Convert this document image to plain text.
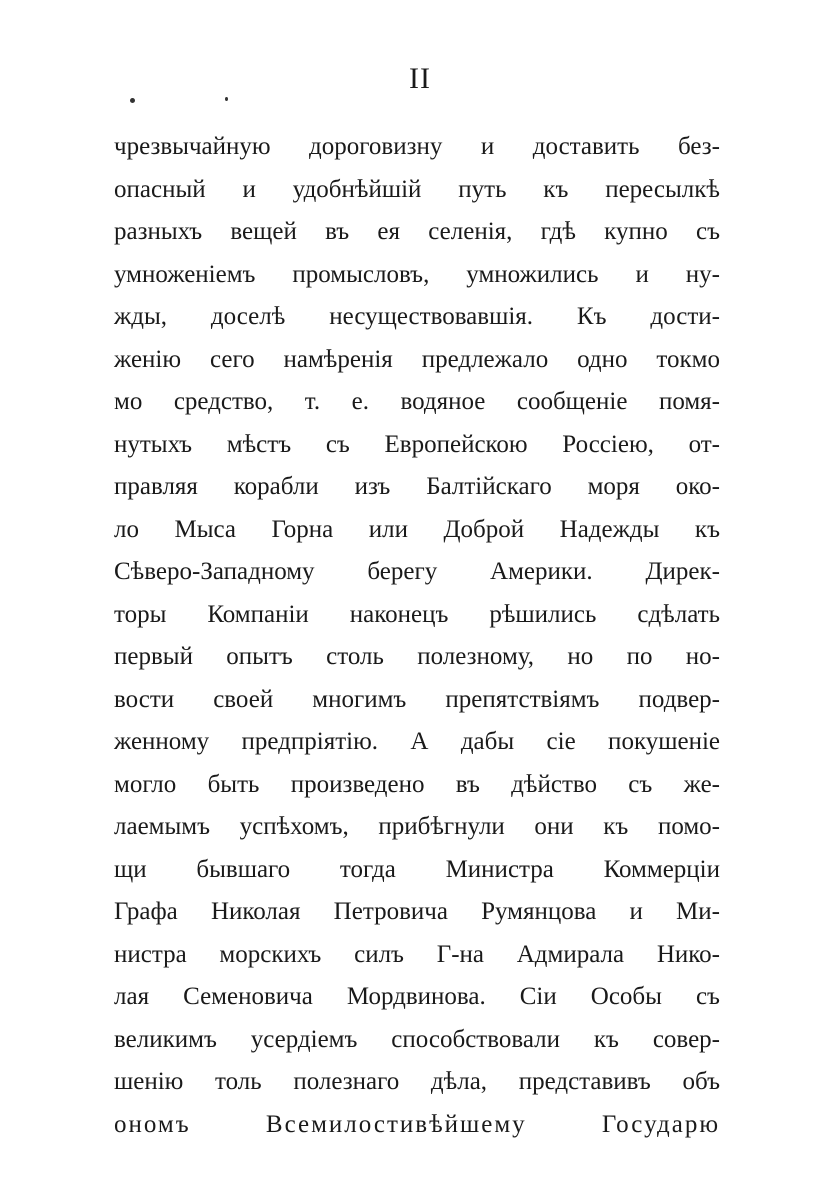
II
чрезвычайную дороговизну и доставить без-
опасный и удобнѣйшій путь къ пересылкѣ
разныхъ вещей въ ея селенія, гдѣ купно съ
умноженіемъ промысловъ, умножились и ну-
жды, доселѣ несуществовавшія. Къ дости-
женію сего намѣренія предлежало одно токмо
мо средство, т. е. водяное сообщеніе помя-
нутыхъ мѣстъ съ Европейскою Россіею, от-
правляя корабли изъ Балтійскаго моря око-
ло Мыса Горна или Доброй Надежды къ
Сѣверо-Западному берегу Америки. Дирек-
торы Компаніи наконецъ рѣшились сдѣлать
первый опытъ столь полезному, но по но-
вости своей многимъ препятствіямъ подвер-
женному предпріятію. А дабы сіе покушеніе
могло быть произведено въ дѣйство съ же-
лаемымъ успѣхомъ, прибѣгнули они къ помо-
щи бывшаго тогда Министра Коммерціи
Графа Николая Петровича Румянцова и Ми-
нистра морскихъ силъ Г-на Адмирала Нико-
лая Семеновича Мордвинова. Сіи Особы съ
великимъ усердіемъ способствовали къ совер-
шенію толь полезнаго дѣла, представивъ объ
ономъ Всемилостивѣйшему Государю
